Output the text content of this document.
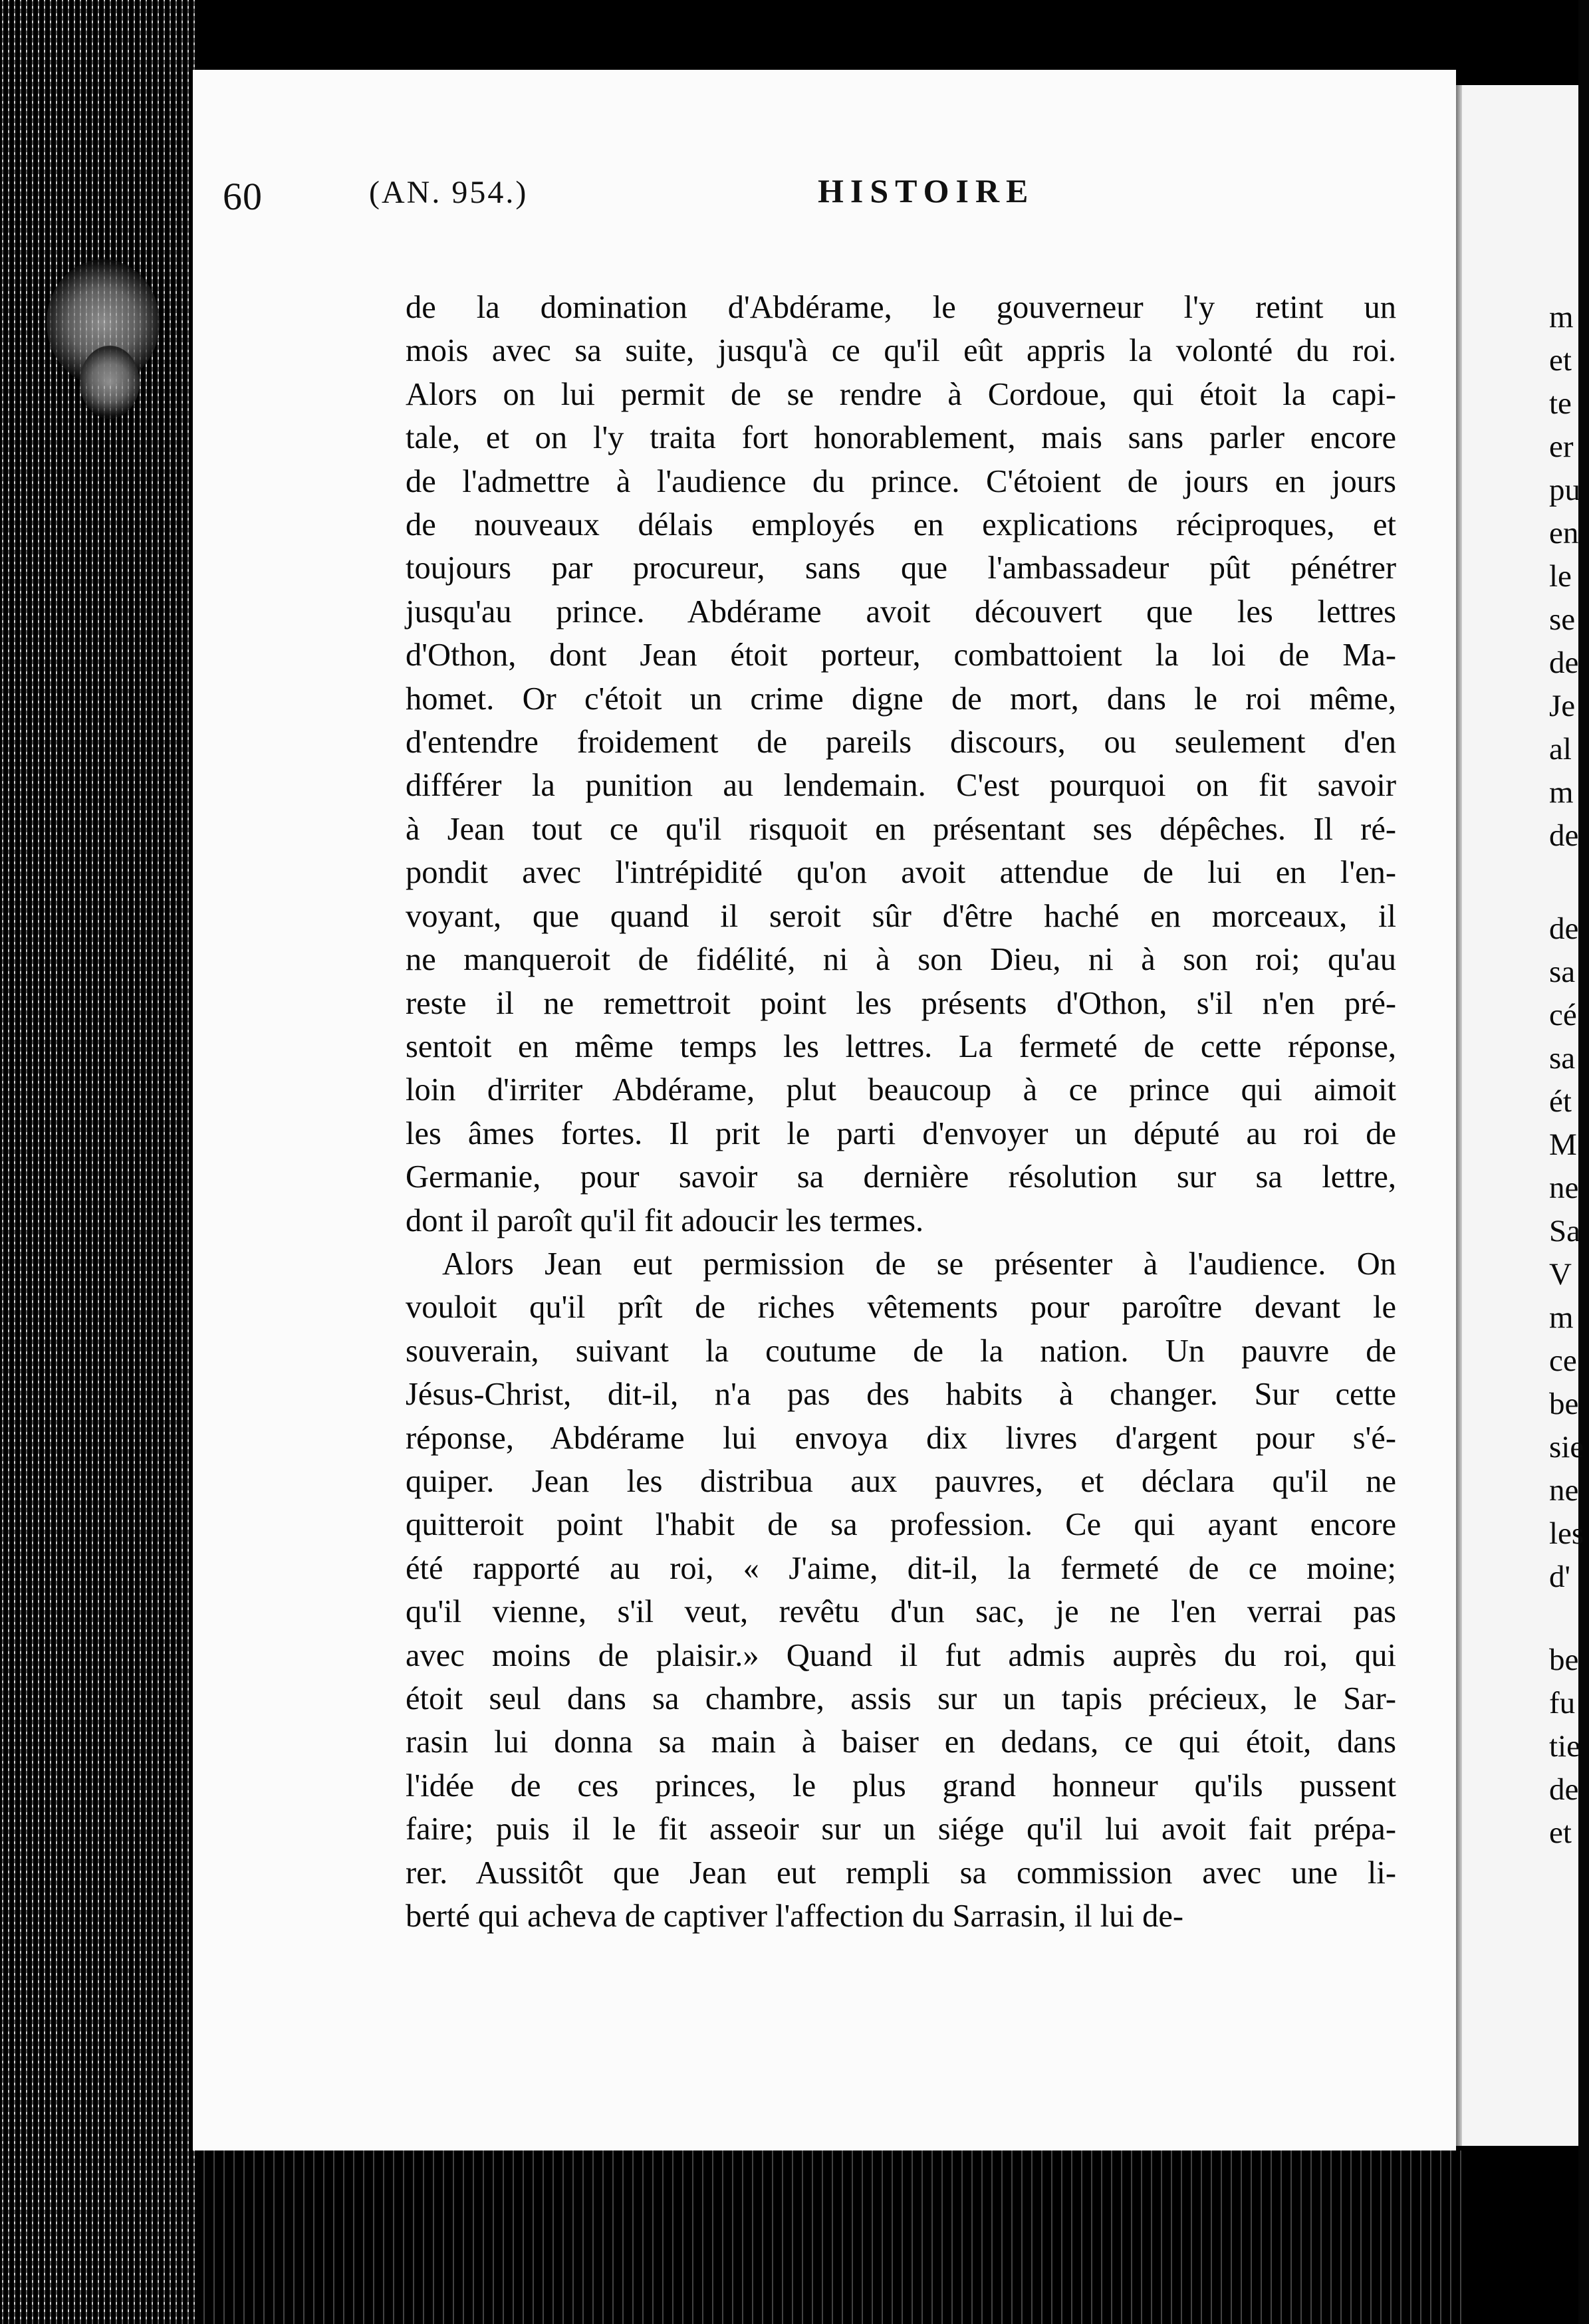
m
et
te
er
pu
en
le
se
de
Je
al
m
de
de
sa
cé
sa
ét
M
ne
Sa
V
m
ce
be
sie
ne
les
d'
be
fu
tie
de
et
60	(AN. 954.)	HISTOIRE
de la domination d'Abdérame, le gouverneur l'y retint un
mois avec sa suite, jusqu'à ce qu'il eût appris la volonté du roi.
Alors on lui permit de se rendre à Cordoue, qui étoit la capi-
tale, et on l'y traita fort honorablement, mais sans parler encore
de l'admettre à l'audience du prince. C'étoient de jours en jours
de nouveaux délais employés en explications réciproques, et
toujours par procureur, sans que l'ambassadeur pût pénétrer
jusqu'au prince. Abdérame avoit découvert que les lettres
d'Othon, dont Jean étoit porteur, combattoient la loi de Ma-
homet. Or c'étoit un crime digne de mort, dans le roi même,
d'entendre froidement de pareils discours, ou seulement d'en
différer la punition au lendemain. C'est pourquoi on fit savoir
à Jean tout ce qu'il risquoit en présentant ses dépêches. Il ré-
pondit avec l'intrépidité qu'on avoit attendue de lui en l'en-
voyant, que quand il seroit sûr d'être haché en morceaux, il
ne manqueroit de fidélité, ni à son Dieu, ni à son roi; qu'au
reste il ne remettroit point les présents d'Othon, s'il n'en pré-
sentoit en même temps les lettres. La fermeté de cette réponse,
loin d'irriter Abdérame, plut beaucoup à ce prince qui aimoit
les âmes fortes. Il prit le parti d'envoyer un député au roi de
Germanie, pour savoir sa dernière résolution sur sa lettre,
dont il paroît qu'il fit adoucir les termes.
Alors Jean eut permission de se présenter à l'audience. On
vouloit qu'il prît de riches vêtements pour paroître devant le
souverain, suivant la coutume de la nation. Un pauvre de
Jésus-Christ, dit-il, n'a pas des habits à changer. Sur cette
réponse, Abdérame lui envoya dix livres d'argent pour s'é-
quiper. Jean les distribua aux pauvres, et déclara qu'il ne
quitteroit point l'habit de sa profession. Ce qui ayant encore
été rapporté au roi, « J'aime, dit-il, la fermeté de ce moine;
qu'il vienne, s'il veut, revêtu d'un sac, je ne l'en verrai pas
avec moins de plaisir.» Quand il fut admis auprès du roi, qui
étoit seul dans sa chambre, assis sur un tapis précieux, le Sar-
rasin lui donna sa main à baiser en dedans, ce qui étoit, dans
l'idée de ces princes, le plus grand honneur qu'ils pussent
faire; puis il le fit asseoir sur un siége qu'il lui avoit fait prépa-
rer. Aussitôt que Jean eut rempli sa commission avec une li-
berté qui acheva de captiver l'affection du Sarrasin, il lui de-
